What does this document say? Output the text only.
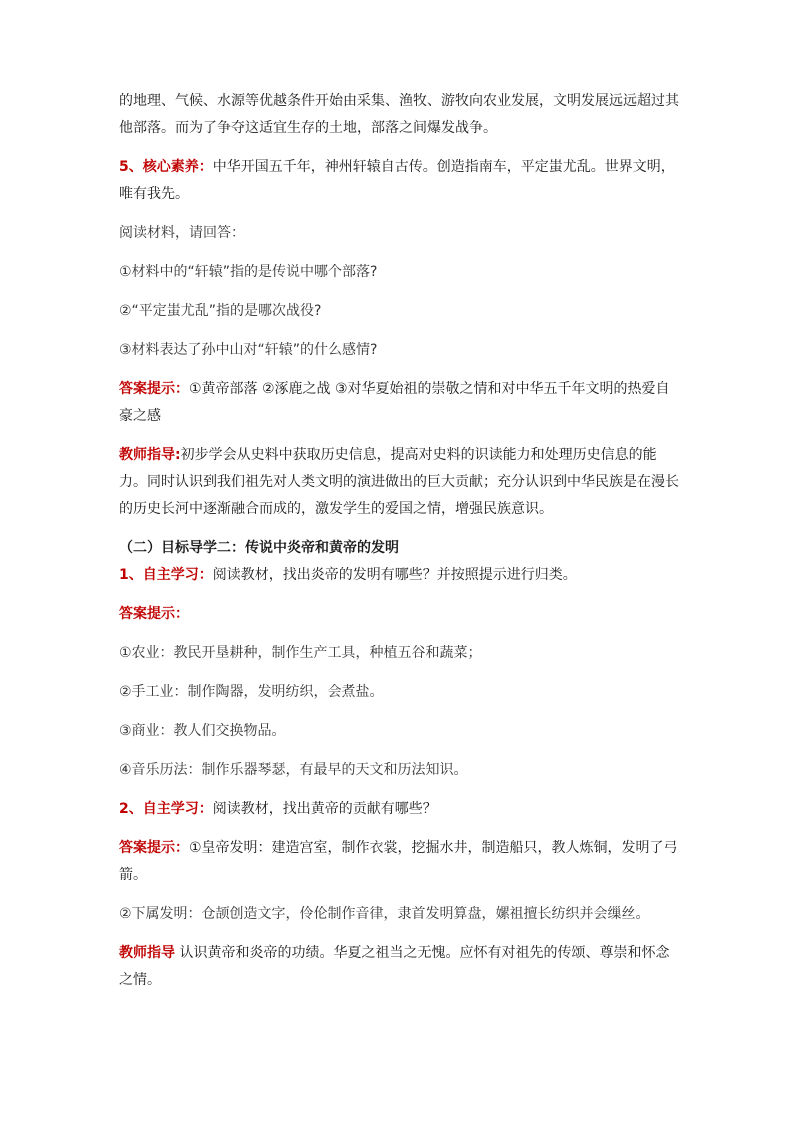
的地理、气候、水源等优越条件开始由采集、渔牧、游牧向农业发展，文明发展远远超过其他部落。而为了争夺这适宜生存的土地，部落之间爆发战争。

5、核心素养：中华开国五千年，神州轩辕自古传。创造指南车，平定蚩尤乱。世界文明，唯有我先。

阅读材料，请回答：

①材料中的“轩辕”指的是传说中哪个部落?

②“平定蚩尤乱”指的是哪次战役?

③材料表达了孙中山对“轩辕”的什么感情?

答案提示：①黄帝部落 ②涿鹿之战 ③对华夏始祖的崇敬之情和对中华五千年文明的热爱自豪之感

教师指导:初步学会从史料中获取历史信息，提高对史料的识读能力和处理历史信息的能力。同时认识到我们祖先对人类文明的演进做出的巨大贡献；充分认识到中华民族是在漫长的历史长河中逐渐融合而成的，激发学生的爱国之情，增强民族意识。

（二）目标导学二：传说中炎帝和黄帝的发明

1、自主学习：阅读教材，找出炎帝的发明有哪些？并按照提示进行归类。

答案提示：

①农业：教民开垦耕种，制作生产工具，种植五谷和蔬菜；

②手工业：制作陶器，发明纺织，会煮盐。

③商业：教人们交换物品。

④音乐历法：制作乐器琴瑟，有最早的天文和历法知识。

2、自主学习：阅读教材，找出黄帝的贡献有哪些？

答案提示：①皇帝发明：建造宫室，制作衣裳，挖掘水井，制造船只，教人炼铜，发明了弓箭。

②下属发明：仓颉创造文字，伶伦制作音律，隶首发明算盘，嫘祖擅长纺织并会缫丝。

教师指导 认识黄帝和炎帝的功绩。华夏之祖当之无愧。应怀有对祖先的传颂、尊崇和怀念之情。
